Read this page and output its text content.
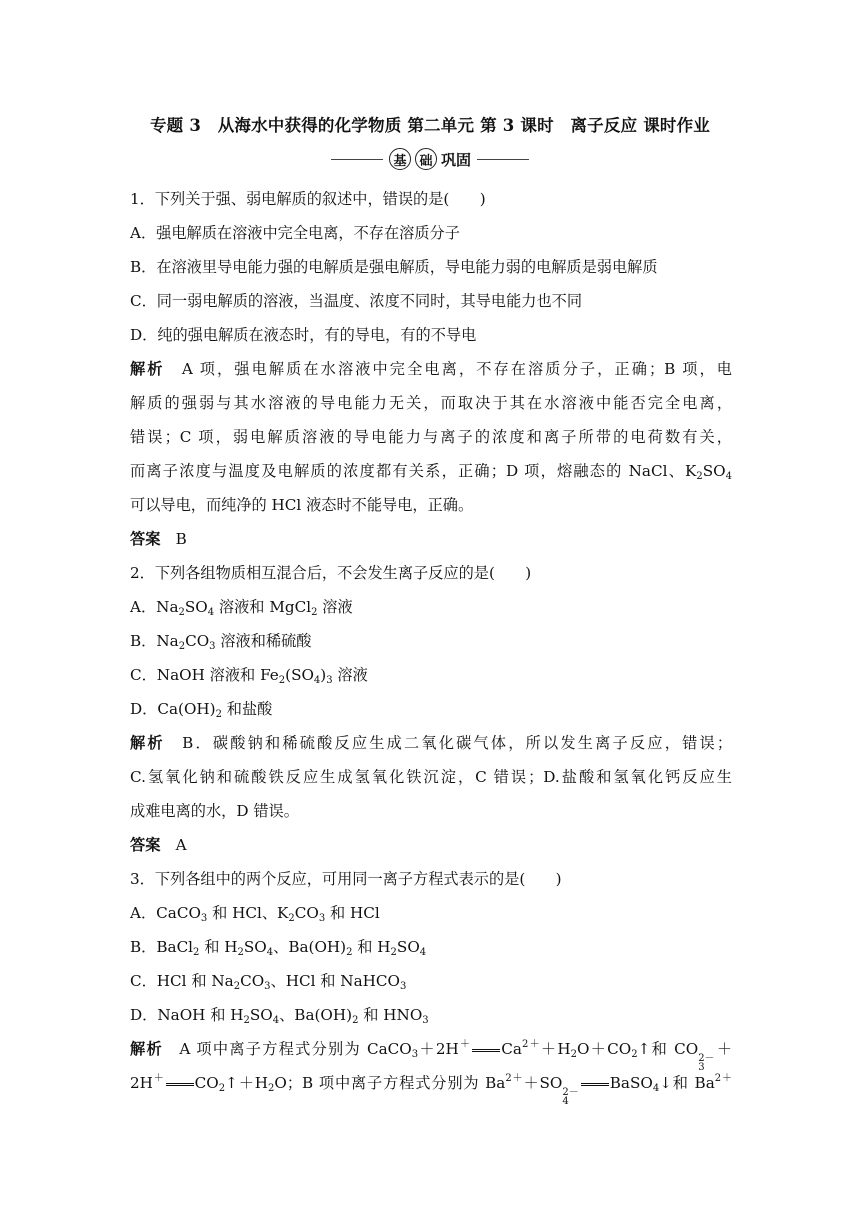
专题 3　从海水中获得的化学物质 第二单元 第 3 课时　离子反应 课时作业
基 础 巩固
1．下列关于强、弱电解质的叙述中，错误的是(　　)
A．强电解质在溶液中完全电离，不存在溶质分子
B．在溶液里导电能力强的电解质是强电解质，导电能力弱的电解质是弱电解质
C．同一弱电解质的溶液，当温度、浓度不同时，其导电能力也不同
D．纯的强电解质在液态时，有的导电，有的不导电
解析　 A 项，强电解质在水溶液中完全电离，不存在溶质分子，正确；B 项，电
解质的强弱与其水溶液的导电能力无关，而取决于其在水溶液中能否完全电离，
错误；C 项，弱电解质溶液的导电能力与离子的浓度和离子所带的电荷数有关，
而离子浓度与温度及电解质的浓度都有关系，正确；D 项，熔融态的 NaCl、$K_2SO_4$
可以导电，而纯净的 HCl 液态时不能导电，正确。
答案　 B
2．下列各组物质相互混合后，不会发生离子反应的是(　　)
A．$Na_2SO_4$ 溶液和 MgCl$_2$ 溶液
B．$Na_2CO_3$ 溶液和稀硫酸
C．NaOH 溶液和 $Fe_2(SO_4)_3$ 溶液
D．$Ca(OH)_2$ 和盐酸
解析　 B．碳酸钠和稀硫酸反应生成二氧化碳气体，所以发生离子反应，错误；
C.氢氧化钠和硫酸铁反应生成氢氧化铁沉淀，C 错误；D.盐酸和氢氧化钙反应生
成难电离的水，D 错误。
答案　 A
3．下列各组中的两个反应，可用同一离子方程式表示的是(　　)
A．CaCO$_3$ 和 HCl、$K_2CO_3$ 和 HCl
B．BaCl$_2$ 和 $H_2SO_4$、$Ba(OH)_2$ 和 $H_2SO_4$
C．HCl 和 $Na_2CO_3$、HCl 和 NaHCO$_3$
D．NaOH 和 $H_2SO_4$、$Ba(OH)_2$ 和 $HNO_3$
解析　 A 项中离子方程式分别为 CaCO$_3$＋2H＋ $Ca^{2+}+H_2O+CO_2↑$和 CO
2－
3
＋
2H＋ $CO_2↑+H_2O$；B 项中离子方程式分别为 $Ba^{2+}+SO$
2－
4
BaSO$_4$↓和 $Ba^{2+}$
